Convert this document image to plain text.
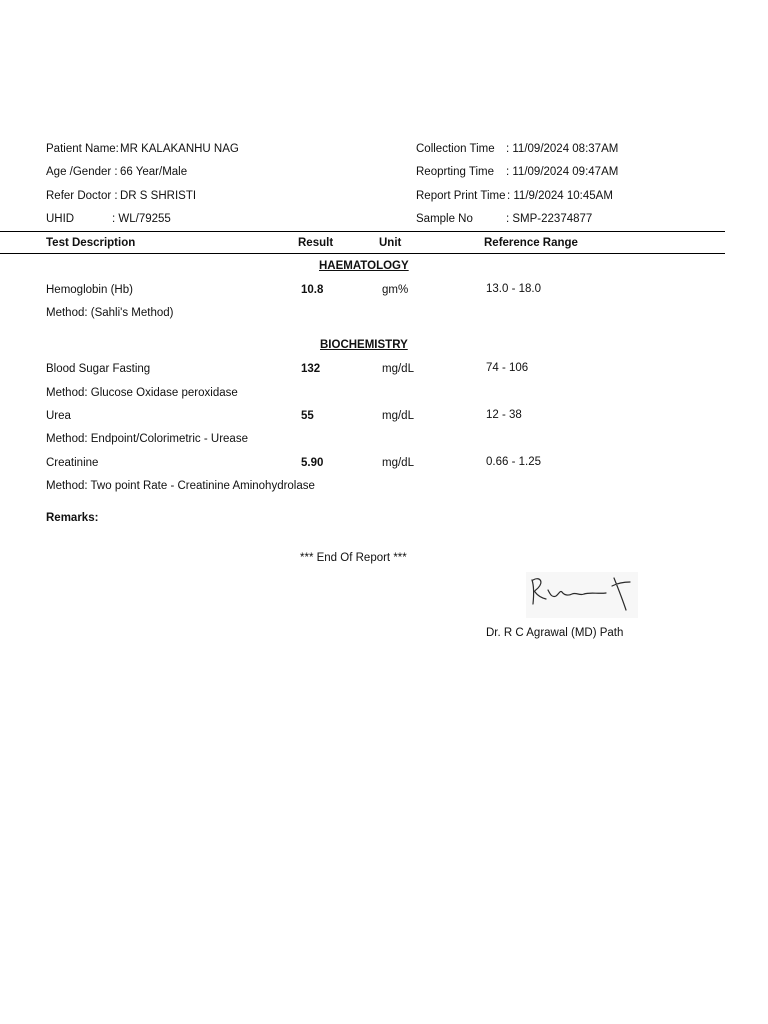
Patient Name: MR KALAKANHU NAG
Age /Gender : 66 Year/Male
Refer Doctor : DR S SHRISTI
UHID	: WL/79255
Collection Time : 11/09/2024 08:37AM
Reoprting Time : 11/09/2024 09:47AM
Report Print Time : 11/9/2024 10:45AM
Sample No	: SMP-22374877
Test Description	Result	Unit	Reference Range
HAEMATOLOGY
Hemoglobin (Hb)	10.8	gm%	13.0 - 18.0
Method: (Sahli's Method)
BIOCHEMISTRY
Blood Sugar Fasting	132	mg/dL	74 - 106
Method: Glucose Oxidase peroxidase
Urea	55	mg/dL	12 - 38
Method: Endpoint/Colorimetric - Urease
Creatinine	5.90	mg/dL	0.66 - 1.25
Method: Two point Rate - Creatinine Aminohydrolase
Remarks:
*** End Of Report ***
Dr. R C Agrawal (MD) Path
